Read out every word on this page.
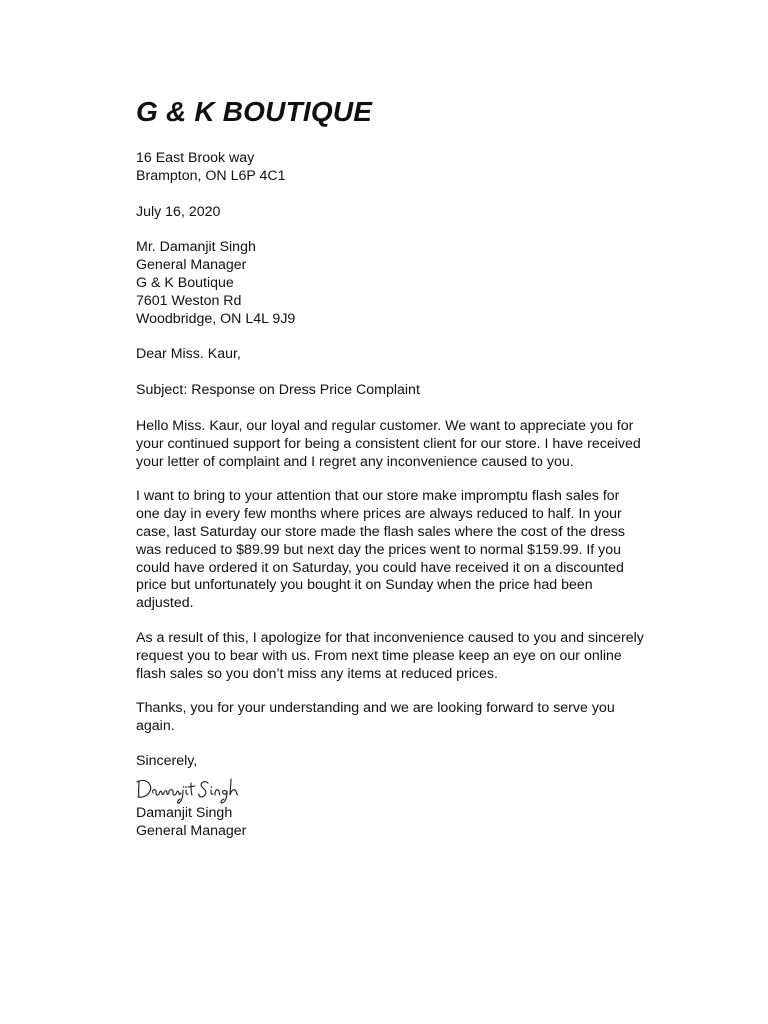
G & K BOUTIQUE
16 East Brook way
Brampton, ON L6P 4C1
July 16, 2020
Mr. Damanjit Singh
General Manager
G & K Boutique
7601 Weston Rd
Woodbridge, ON L4L 9J9
Dear Miss. Kaur,
Subject: Response on Dress Price Complaint
Hello Miss. Kaur, our loyal and regular customer. We want to appreciate you for
your continued support for being a consistent client for our store. I have received
your letter of complaint and I regret any inconvenience caused to you.
I want to bring to your attention that our store make impromptu flash sales for
one day in every few months where prices are always reduced to half. In your
case, last Saturday our store made the flash sales where the cost of the dress
was reduced to $89.99 but next day the prices went to normal $159.99. If you
could have ordered it on Saturday, you could have received it on a discounted
price but unfortunately you bought it on Sunday when the price had been
adjusted.
As a result of this, I apologize for that inconvenience caused to you and sincerely
request you to bear with us. From next time please keep an eye on our online
flash sales so you don’t miss any items at reduced prices.
Thanks, you for your understanding and we are looking forward to serve you
again.
Sincerely,
Damanjit Singh
General Manager
